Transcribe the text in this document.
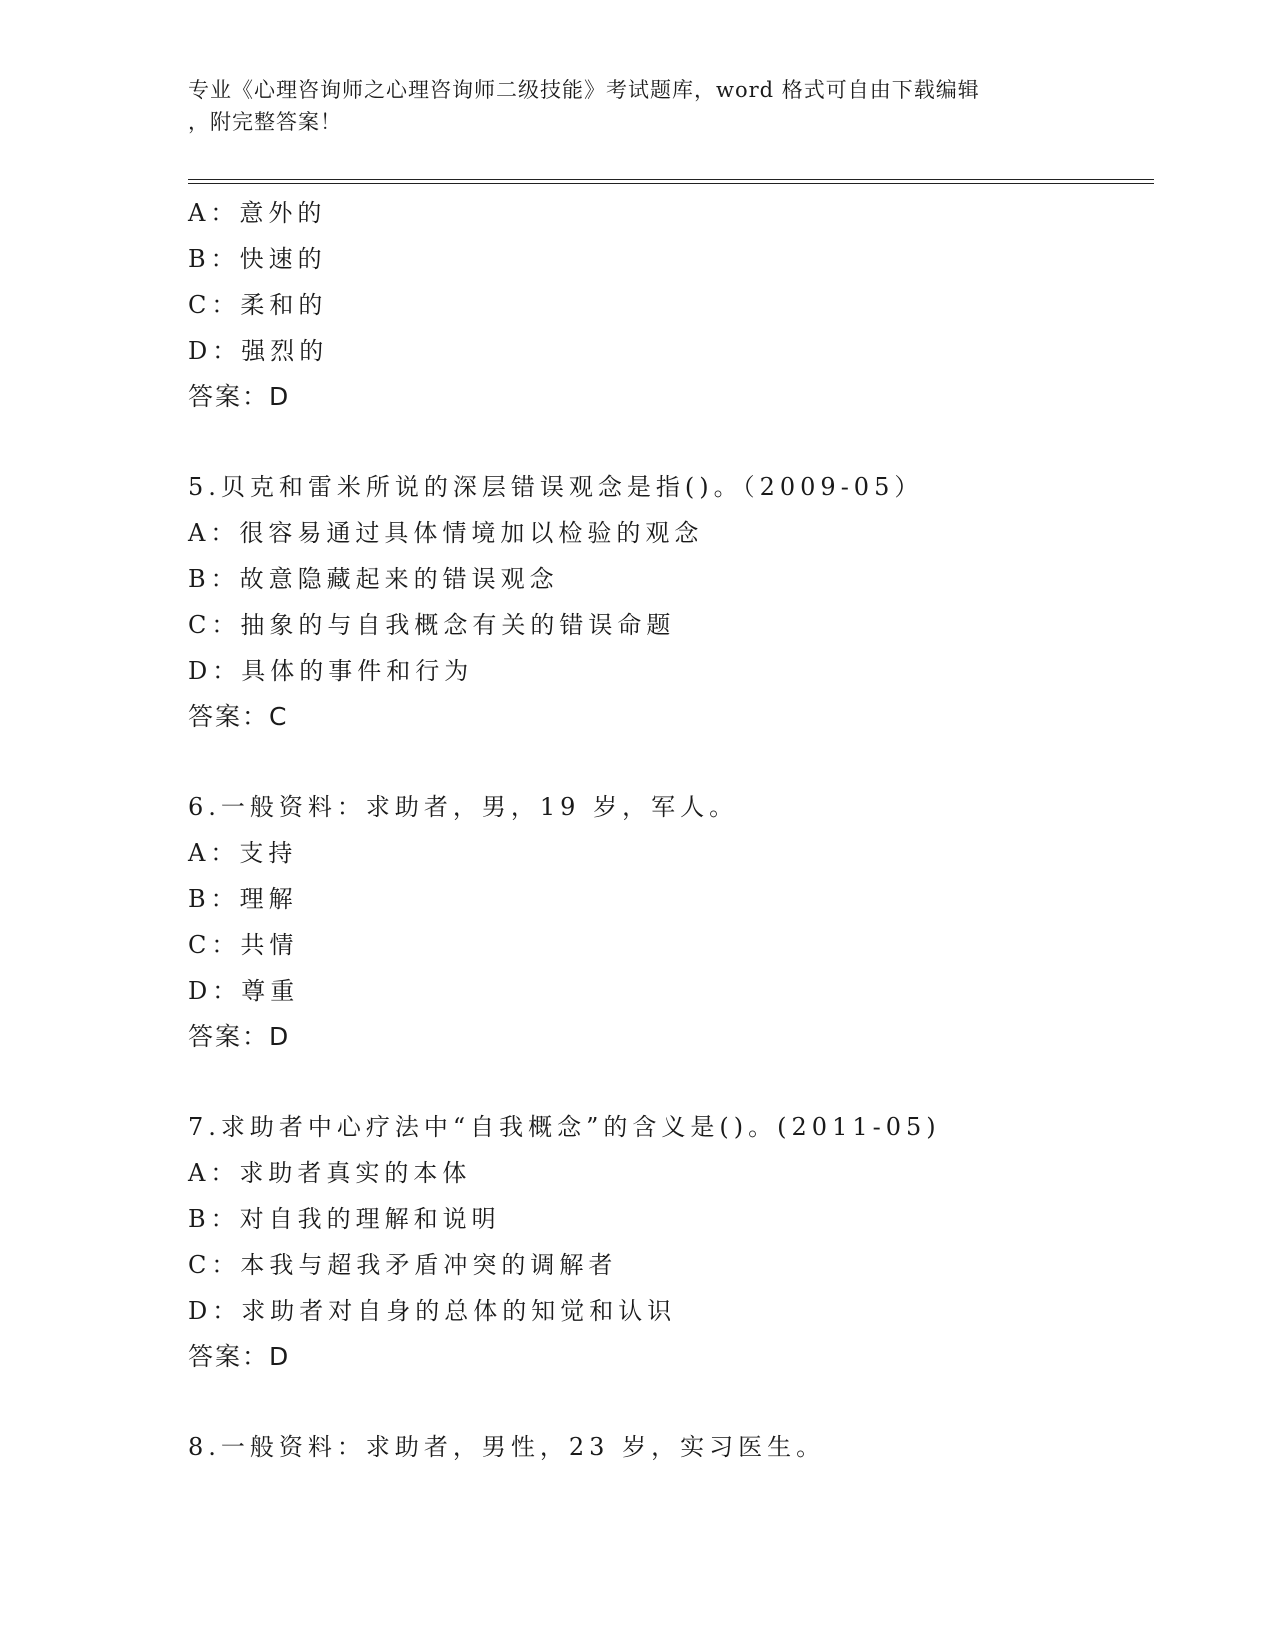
专业《心理咨询师之心理咨询师二级技能》考试题库，word 格式可自由下载编辑
，附完整答案！
A：意外的
B：快速的
C：柔和的
D：强烈的
答案：D
5.贝克和雷米所说的深层错误观念是指()。（2009-05）
A：很容易通过具体情境加以检验的观念
B：故意隐藏起来的错误观念
C：抽象的与自我概念有关的错误命题
D：具体的事件和行为
答案：C
6.一般资料：求助者，男，19 岁，军人。
A：支持
B：理解
C：共情
D：尊重
答案：D
7.求助者中心疗法中“自我概念”的含义是()。(2011-05)
A：求助者真实的本体
B：对自我的理解和说明
C：本我与超我矛盾冲突的调解者
D：求助者对自身的总体的知觉和认识
答案：D
8.一般资料：求助者，男性，23 岁，实习医生。
